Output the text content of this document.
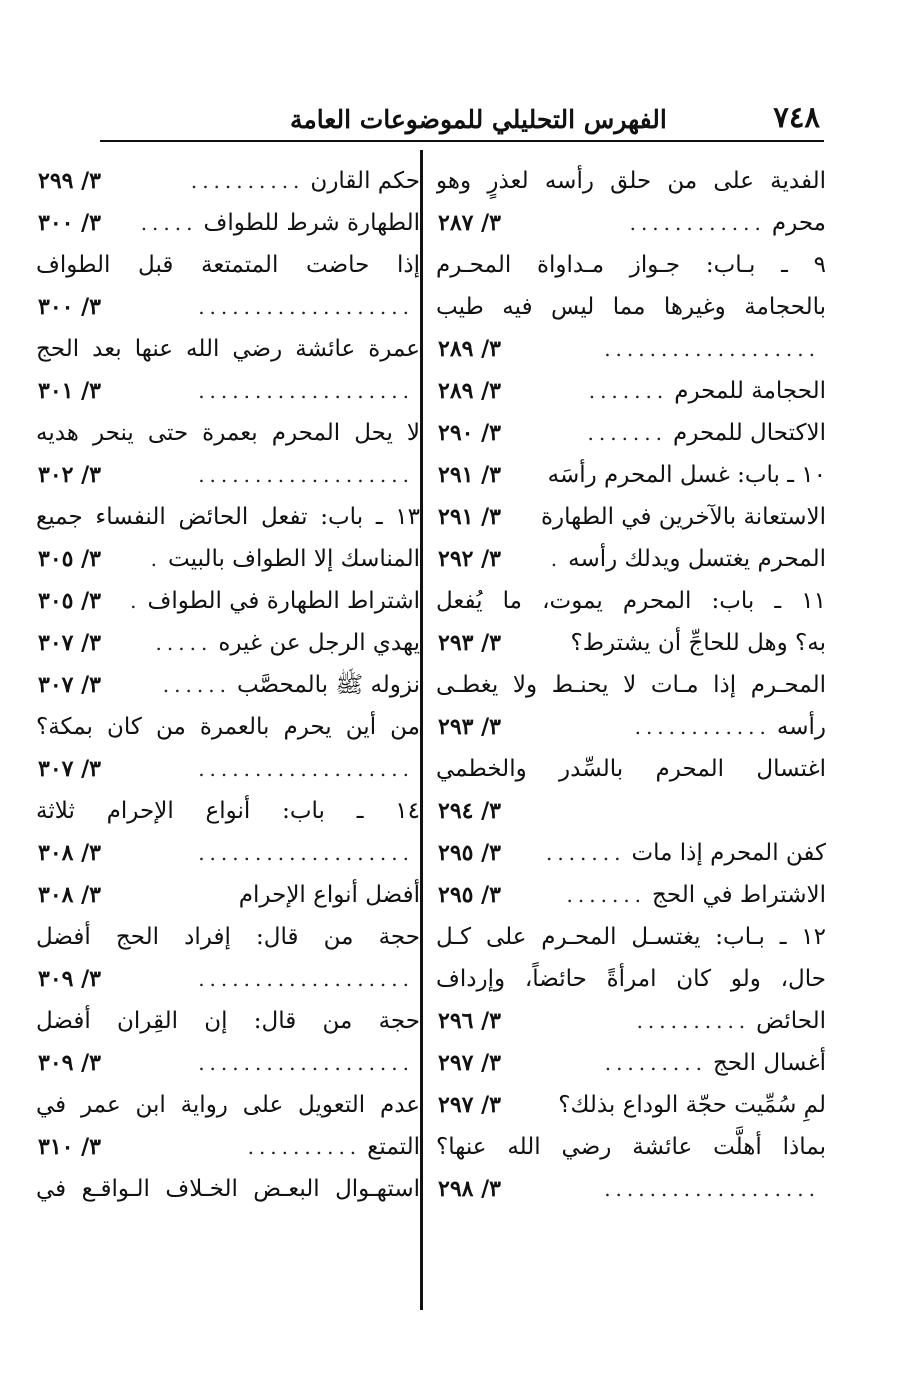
٧٤٨
الفهرس التحليلي للموضوعات العامة
الفدية على من حلق رأسه لعذرٍ وهو
محرم
............
٣/ ٢٨٧
٩ ـ بـاب: جـواز مـداواة المحـرم
بالحجامة وغيرها مما ليس فيه طيب
...................
٣/ ٢٨٩
الحجامة للمحرم
.......
٣/ ٢٨٩
الاكتحال للمحرم
.......
٣/ ٢٩٠
١٠ ـ باب: غسل المحرم رأسَه
٣/ ٢٩١
الاستعانة بالآخرين في الطهارة
٣/ ٢٩١
المحرم يغتسل ويدلك رأسه
.
٣/ ٢٩٢
١١ ـ باب: المحرم يموت، ما يُفعل
به؟ وهل للحاجِّ أن يشترط؟
٣/ ٢٩٣
المحـرم إذا مـات لا يحنـط ولا يغطـى
رأسه
............
٣/ ٢٩٣
اغتسال المحرم بالسِّدر والخطمي
٣/ ٢٩٤
كفن المحرم إذا مات
.......
٣/ ٢٩٥
الاشتراط في الحج
.......
٣/ ٢٩٥
١٢ ـ بـاب: يغتسـل المحـرم على كـل
حال، ولو كان امرأةً حائضاً، وإرداف
الحائض
..........
٣/ ٢٩٦
أغسال الحج
.........
٣/ ٢٩٧
لمِ سُمِّيت حجّة الوداع بذلك؟
٣/ ٢٩٧
بماذا أهلَّت عائشة رضي الله عنها؟
...................
٣/ ٢٩٨
حكم القارن
..........
٣/ ٢٩٩
الطهارة شرط للطواف
.....
٣/ ٣٠٠
إذا حاضت المتمتعة قبل الطواف
...................
٣/ ٣٠٠
عمرة عائشة رضي الله عنها بعد الحج
...................
٣/ ٣٠١
لا يحل المحرم بعمرة حتى ينحر هديه
...................
٣/ ٣٠٢
١٣ ـ باب: تفعل الحائض النفساء جميع
المناسك إلا الطواف بالبيت
.
٣/ ٣٠٥
اشتراط الطهارة في الطواف
.
٣/ ٣٠٥
يهدي الرجل عن غيره
.....
٣/ ٣٠٧
نزوله ﷺ بالمحصَّب
......
٣/ ٣٠٧
من أين يحرم بالعمرة من كان بمكة؟
...................
٣/ ٣٠٧
١٤ ـ باب: أنواع الإحرام ثلاثة
...................
٣/ ٣٠٨
أفضل أنواع الإحرام
٣/ ٣٠٨
حجة من قال: إفراد الحج أفضل
...................
٣/ ٣٠٩
حجة من قال: إن القِران أفضل
...................
٣/ ٣٠٩
عدم التعويل على رواية ابن عمر في
التمتع
..........
٣/ ٣١٠
استهـوال البعـض الخـلاف الـواقـع في
